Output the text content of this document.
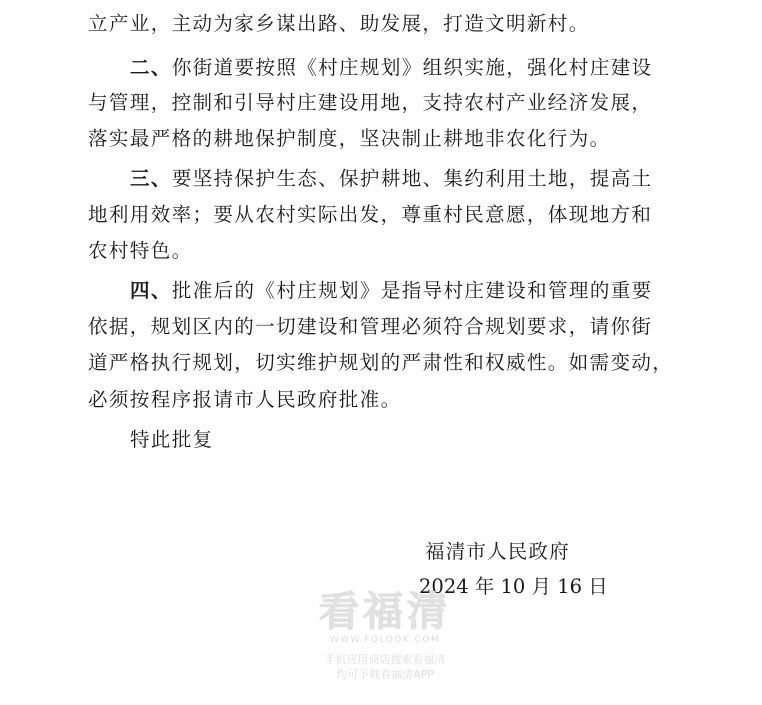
立产业，主动为家乡谋出路、助发展，打造文明新村。
二、你街道要按照《村庄规划》组织实施，强化村庄建设
与管理，控制和引导村庄建设用地，支持农村产业经济发展，
落实最严格的耕地保护制度，坚决制止耕地非农化行为。
三、要坚持保护生态、保护耕地、集约利用土地，提高土
地利用效率；要从农村实际出发，尊重村民意愿，体现地方和
农村特色。
四、批准后的《村庄规划》是指导村庄建设和管理的重要
依据，规划区内的一切建设和管理必须符合规划要求，请你街
道严格执行规划，切实维护规划的严肃性和权威性。如需变动，
必须按程序报请市人民政府批准。
特此批复
福清市人民政府
2024 年 10 月 16 日
看福清
WWW.FQLOOK.COM
手机应用商店搜索看福清
均可下载看福清APP
